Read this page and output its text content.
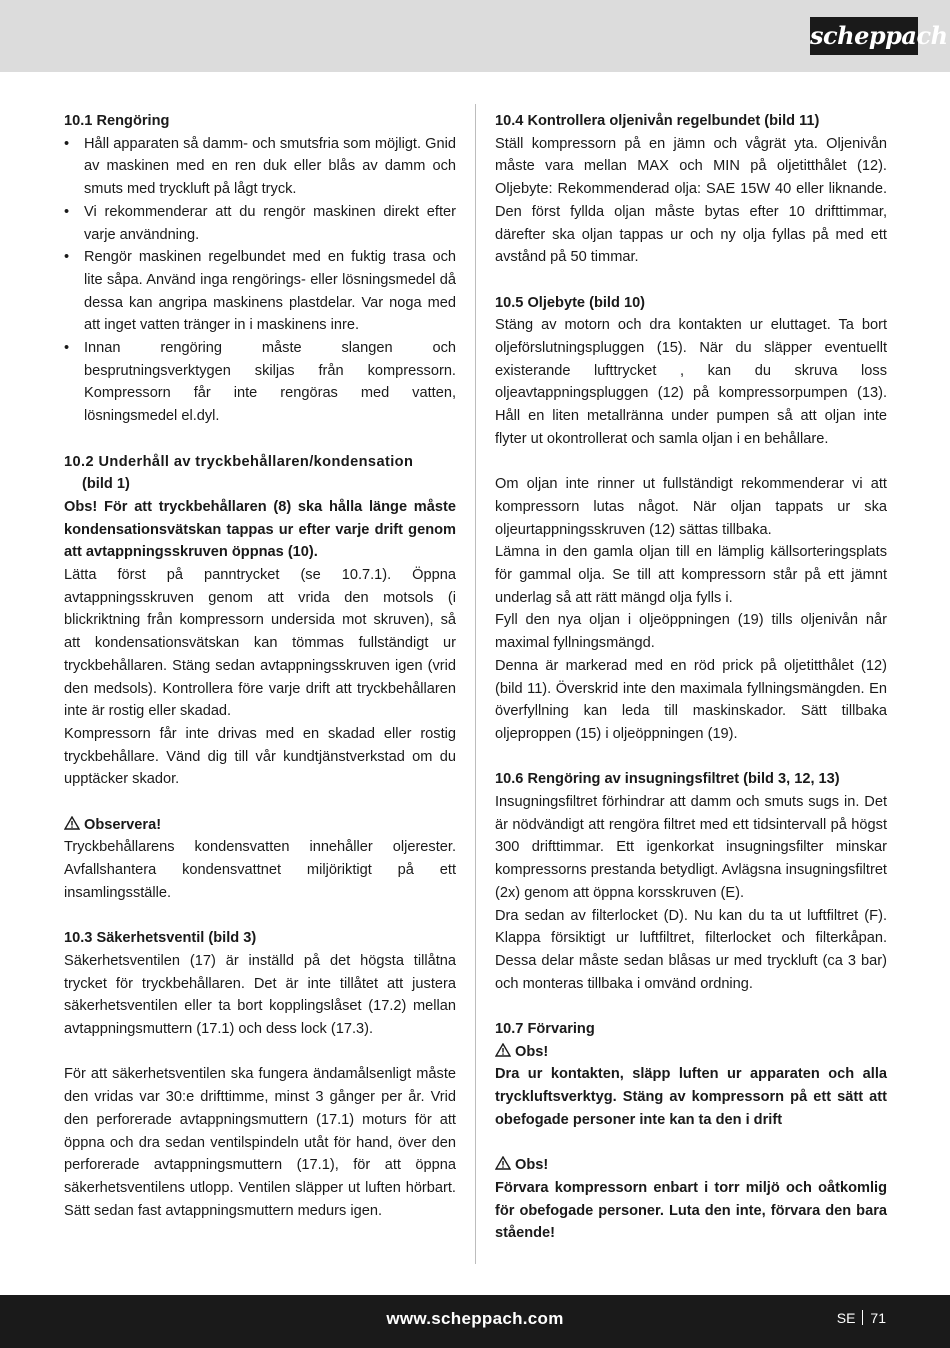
scheppach

10.1 Rengöring

• Håll apparaten så damm- och smutsfria som möjligt. Gnid av maskinen med en ren duk eller blås av damm och smuts med tryckluft på lågt tryck.
• Vi rekommenderar att du rengör maskinen direkt efter varje användning.
• Rengör maskinen regelbundet med en fuktig trasa och lite såpa. Använd inga rengörings- eller lösningsmedel då dessa kan angripa maskinens plastdelar. Var noga med att inget vatten tränger in i maskinens inre.
• Innan rengöring måste slangen och besprutningsverktygen skiljas från kompressorn. Kompressorn får inte rengöras med vatten, lösningsmedel el.dyl.

10.2 Underhåll av tryckbehållaren/kondensation

(bild 1)

Obs! För att tryckbehållaren (8) ska hålla länge måste kondensationsvätskan tappas ur efter varje drift genom att avtappningsskruven öppnas (10).

Lätta först på panntrycket (se 10.7.1). Öppna avtappningsskruven genom att vrida den motsols (i blickriktning från kompressorn undersida mot skruven), så att kondensationsvätskan kan tömmas fullständigt ur tryckbehållaren. Stäng sedan avtappningsskruven igen (vrid den medsols). Kontrollera före varje drift att tryckbehållaren inte är rostig eller skadad.

Kompressorn får inte drivas med en skadad eller rostig tryckbehållare. Vänd dig till vår kundtjänstverkstad om du upptäcker skador.

Observera!

Tryckbehållarens kondensvatten innehåller oljerester. Avfallshantera kondensvattnet miljöriktigt på ett insamlingsställe.

10.3 Säkerhetsventil (bild 3)

Säkerhetsventilen (17) är inställd på det högsta tillåtna trycket för tryckbehållaren. Det är inte tillåtet att justera säkerhetsventilen eller ta bort kopplingslåset (17.2) mellan avtappningsmuttern (17.1) och dess lock (17.3).

För att säkerhetsventilen ska fungera ändamålsenligt måste den vridas var 30:e drifttimme, minst 3 gånger per år. Vrid den perforerade avtappningsmuttern (17.1) moturs för att öppna och dra sedan ventilspindeln utåt för hand, över den perforerade avtappningsmuttern (17.1), för att öppna säkerhetsventilens utlopp. Ventilen släpper ut luften hörbart. Sätt sedan fast avtappningsmuttern medurs igen.

10.4 Kontrollera oljenivån regelbundet (bild 11)

Ställ kompressorn på en jämn och vågrät yta. Oljenivån måste vara mellan MAX och MIN på oljetitthålet (12). Oljebyte: Rekommenderad olja: SAE 15W 40 eller liknande. Den först fyllda oljan måste bytas efter 10 drifttimmar, därefter ska oljan tappas ur och ny olja fyllas på med ett avstånd på 50 timmar.

10.5 Oljebyte (bild 10)

Stäng av motorn och dra kontakten ur eluttaget. Ta bort oljeförslutningspluggen (15). När du släpper eventuellt existerande lufttrycket , kan du skruva loss oljeavtappningspluggen (12) på kompressorpumpen (13). Håll en liten metallränna under pumpen så att oljan inte flyter ut okontrollerat och samla oljan i en behållare.

Om oljan inte rinner ut fullständigt rekommenderar vi att kompressorn lutas något. När oljan tappats ur ska oljeurtappningsskruven (12) sättas tillbaka.

Lämna in den gamla oljan till en lämplig källsorteringsplats för gammal olja. Se till att kompressorn står på ett jämnt underlag så att rätt mängd olja fylls i.

Fyll den nya oljan i oljeöppningen (19) tills oljenivån når maximal fyllningsmängd.

Denna är markerad med en röd prick på oljetitthålet (12) (bild 11). Överskrid inte den maximala fyllningsmängden. En överfyllning kan leda till maskinskador. Sätt tillbaka oljeproppen (15) i oljeöppningen (19).

10.6 Rengöring av insugningsfiltret (bild 3, 12, 13)

Insugningsfiltret förhindrar att damm och smuts sugs in. Det är nödvändigt att rengöra filtret med ett tidsintervall på högst 300 drifttimmar. Ett igenkorkat insugningsfilter minskar kompressorns prestanda betydligt. Avlägsna insugningsfiltret (2x) genom att öppna korsskruven (E).

Dra sedan av filterlocket (D). Nu kan du ta ut luftfiltret (F). Klappa försiktigt ur luftfiltret, filterlocket och filterkåpan. Dessa delar måste sedan blåsas ur med tryckluft (ca 3 bar) och monteras tillbaka i omvänd ordning.

10.7 Förvaring

Obs!

Dra ur kontakten, släpp luften ur apparaten och alla tryckluftsverktyg. Stäng av kompressorn på ett sätt att obefogade personer inte kan ta den i drift

Obs!

Förvara kompressorn enbart i torr miljö och oåtkomlig för obefogade personer. Luta den inte, förvara den bara stående!

www.scheppach.com	SE 71
